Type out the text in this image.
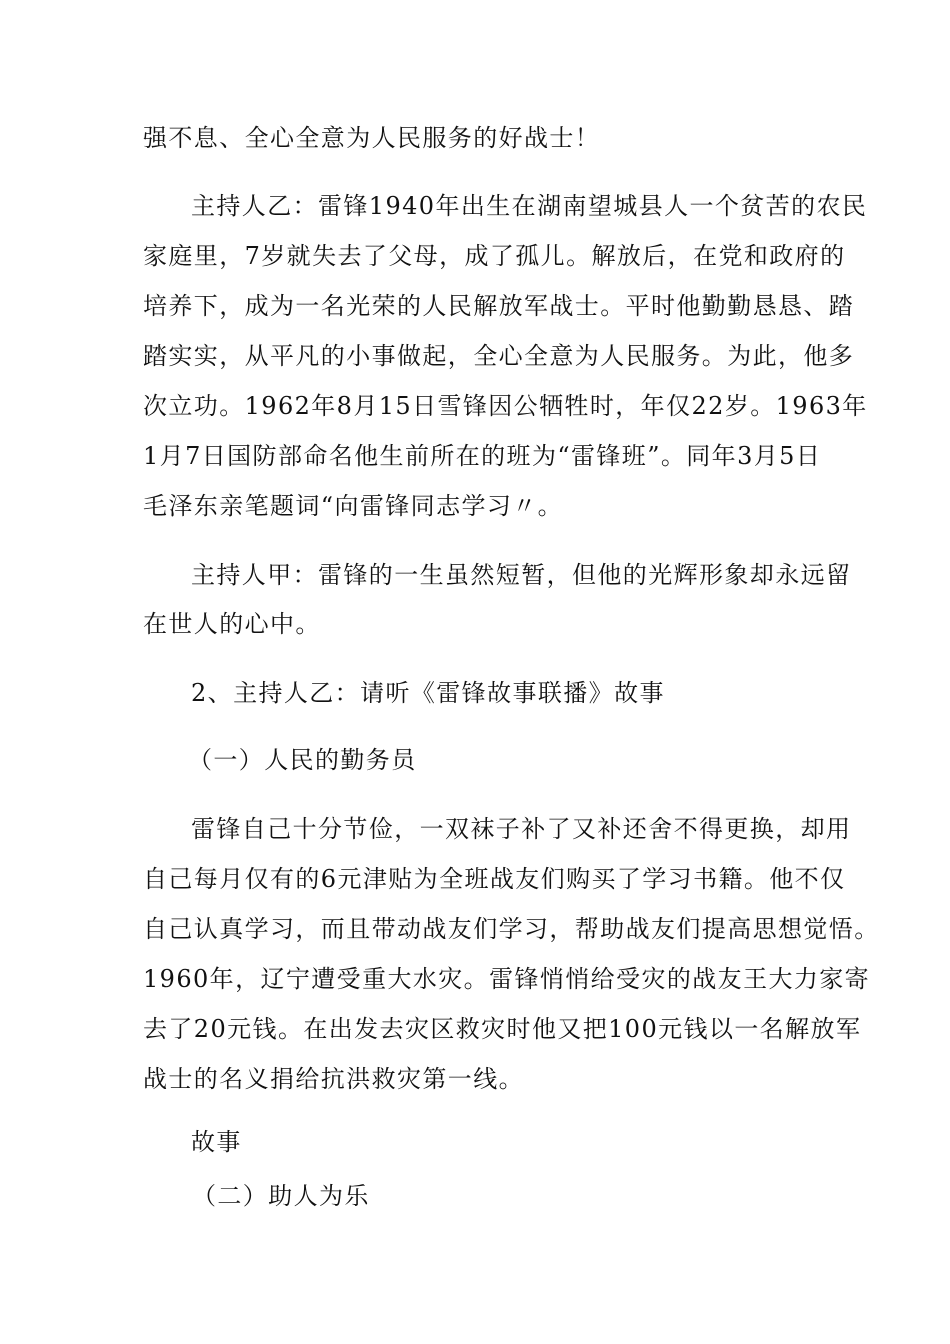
强不息、全心全意为人民服务的好战士！
主持人乙：雷锋1940年出生在湖南望城县人一个贫苦的农民
家庭里，7岁就失去了父母，成了孤儿。解放后，在党和政府的
培养下，成为一名光荣的人民解放军战士。平时他勤勤恳恳、踏
踏实实，从平凡的小事做起，全心全意为人民服务。为此，他多
次立功。1962年8月15日雪锋因公牺牲时，年仅22岁。1963年
1月7日国防部命名他生前所在的班为“雷锋班”。同年3月5日
毛泽东亲笔题词“向雷锋同志学习〃。
主持人甲：雷锋的一生虽然短暂，但他的光辉形象却永远留
在世人的心中。
2、主持人乙：请听《雷锋故事联播》故事
（一）人民的勤务员
雷锋自己十分节俭，一双袜子补了又补还舍不得更换，却用
自己每月仅有的6元津贴为全班战友们购买了学习书籍。他不仅
自己认真学习，而且带动战友们学习，帮助战友们提高思想觉悟。
1960年，辽宁遭受重大水灾。雷锋悄悄给受灾的战友王大力家寄
去了20元钱。在出发去灾区救灾时他又把100元钱以一名解放军
战士的名义捐给抗洪救灾第一线。
故事
（二）助人为乐
